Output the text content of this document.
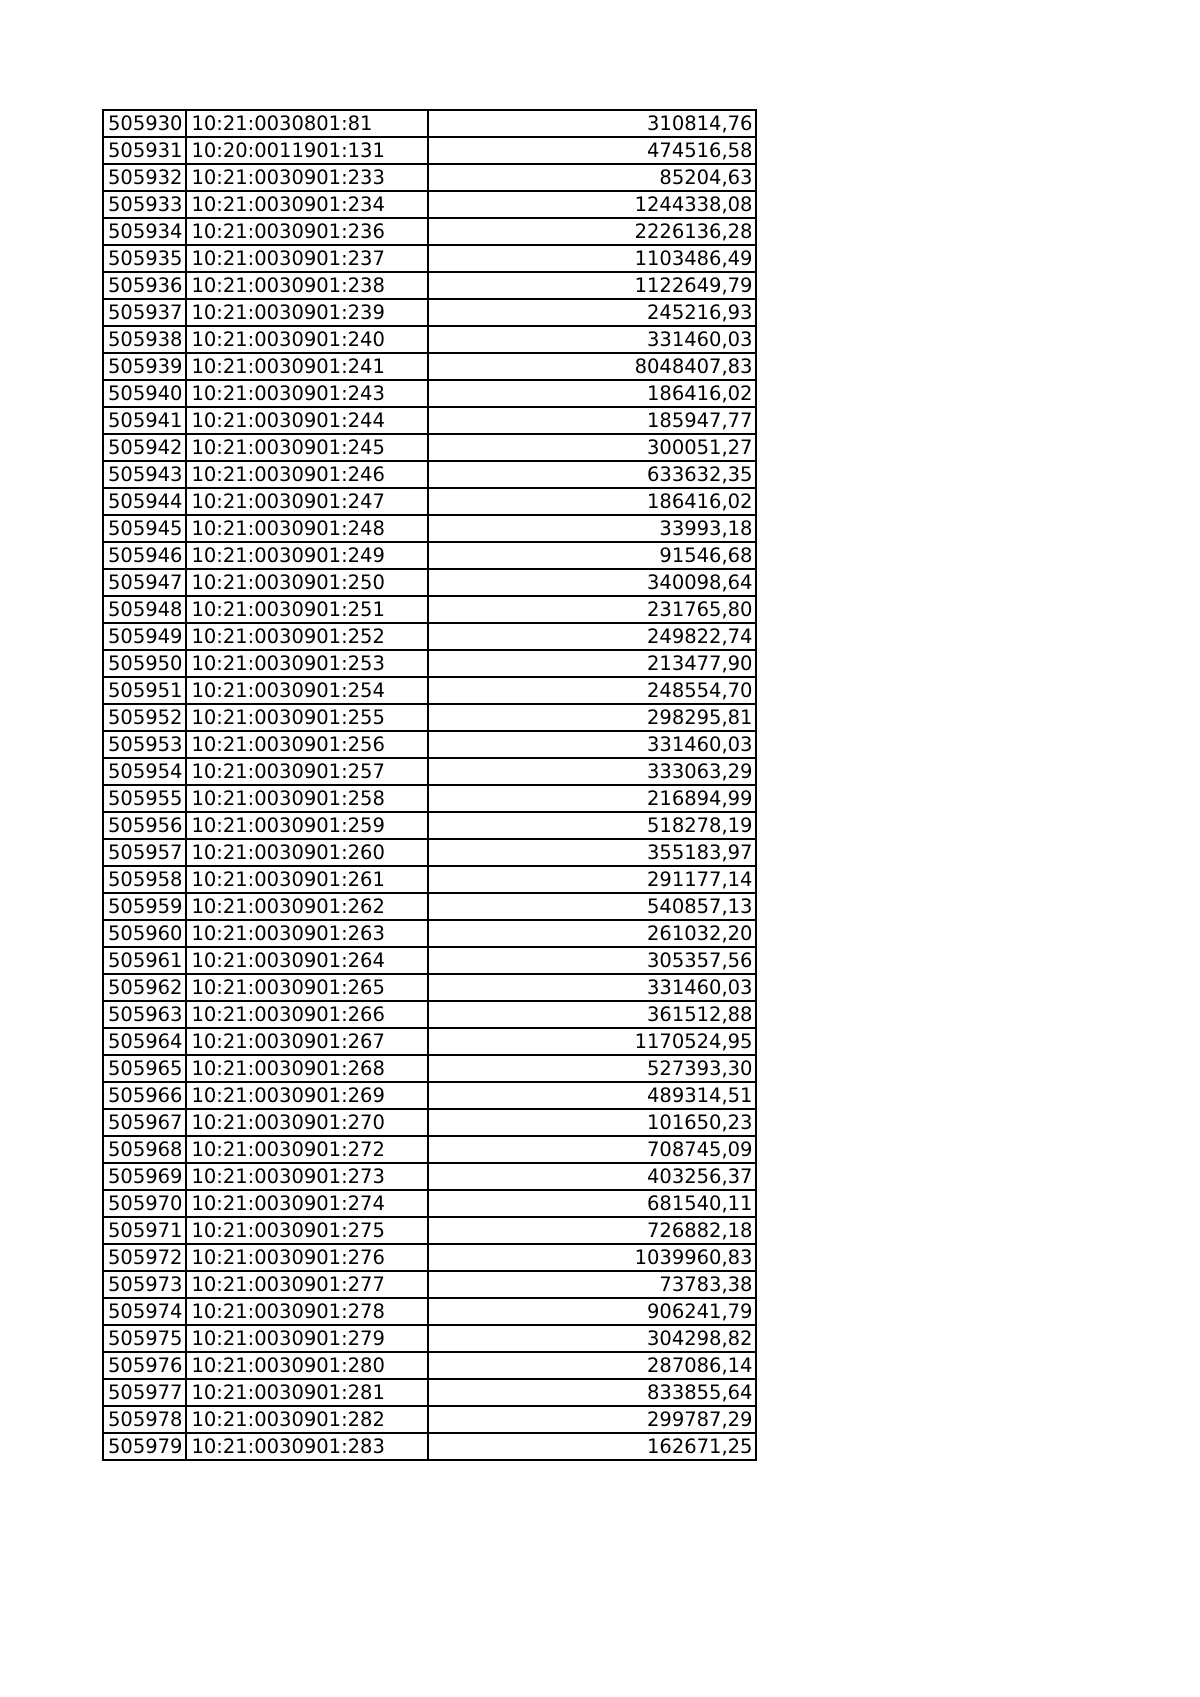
505930	10:21:0030801:81	310814,76
505931	10:20:0011901:131	474516,58
505932	10:21:0030901:233	85204,63
505933	10:21:0030901:234	1244338,08
505934	10:21:0030901:236	2226136,28
505935	10:21:0030901:237	1103486,49
505936	10:21:0030901:238	1122649,79
505937	10:21:0030901:239	245216,93
505938	10:21:0030901:240	331460,03
505939	10:21:0030901:241	8048407,83
505940	10:21:0030901:243	186416,02
505941	10:21:0030901:244	185947,77
505942	10:21:0030901:245	300051,27
505943	10:21:0030901:246	633632,35
505944	10:21:0030901:247	186416,02
505945	10:21:0030901:248	33993,18
505946	10:21:0030901:249	91546,68
505947	10:21:0030901:250	340098,64
505948	10:21:0030901:251	231765,80
505949	10:21:0030901:252	249822,74
505950	10:21:0030901:253	213477,90
505951	10:21:0030901:254	248554,70
505952	10:21:0030901:255	298295,81
505953	10:21:0030901:256	331460,03
505954	10:21:0030901:257	333063,29
505955	10:21:0030901:258	216894,99
505956	10:21:0030901:259	518278,19
505957	10:21:0030901:260	355183,97
505958	10:21:0030901:261	291177,14
505959	10:21:0030901:262	540857,13
505960	10:21:0030901:263	261032,20
505961	10:21:0030901:264	305357,56
505962	10:21:0030901:265	331460,03
505963	10:21:0030901:266	361512,88
505964	10:21:0030901:267	1170524,95
505965	10:21:0030901:268	527393,30
505966	10:21:0030901:269	489314,51
505967	10:21:0030901:270	101650,23
505968	10:21:0030901:272	708745,09
505969	10:21:0030901:273	403256,37
505970	10:21:0030901:274	681540,11
505971	10:21:0030901:275	726882,18
505972	10:21:0030901:276	1039960,83
505973	10:21:0030901:277	73783,38
505974	10:21:0030901:278	906241,79
505975	10:21:0030901:279	304298,82
505976	10:21:0030901:280	287086,14
505977	10:21:0030901:281	833855,64
505978	10:21:0030901:282	299787,29
505979	10:21:0030901:283	162671,25
